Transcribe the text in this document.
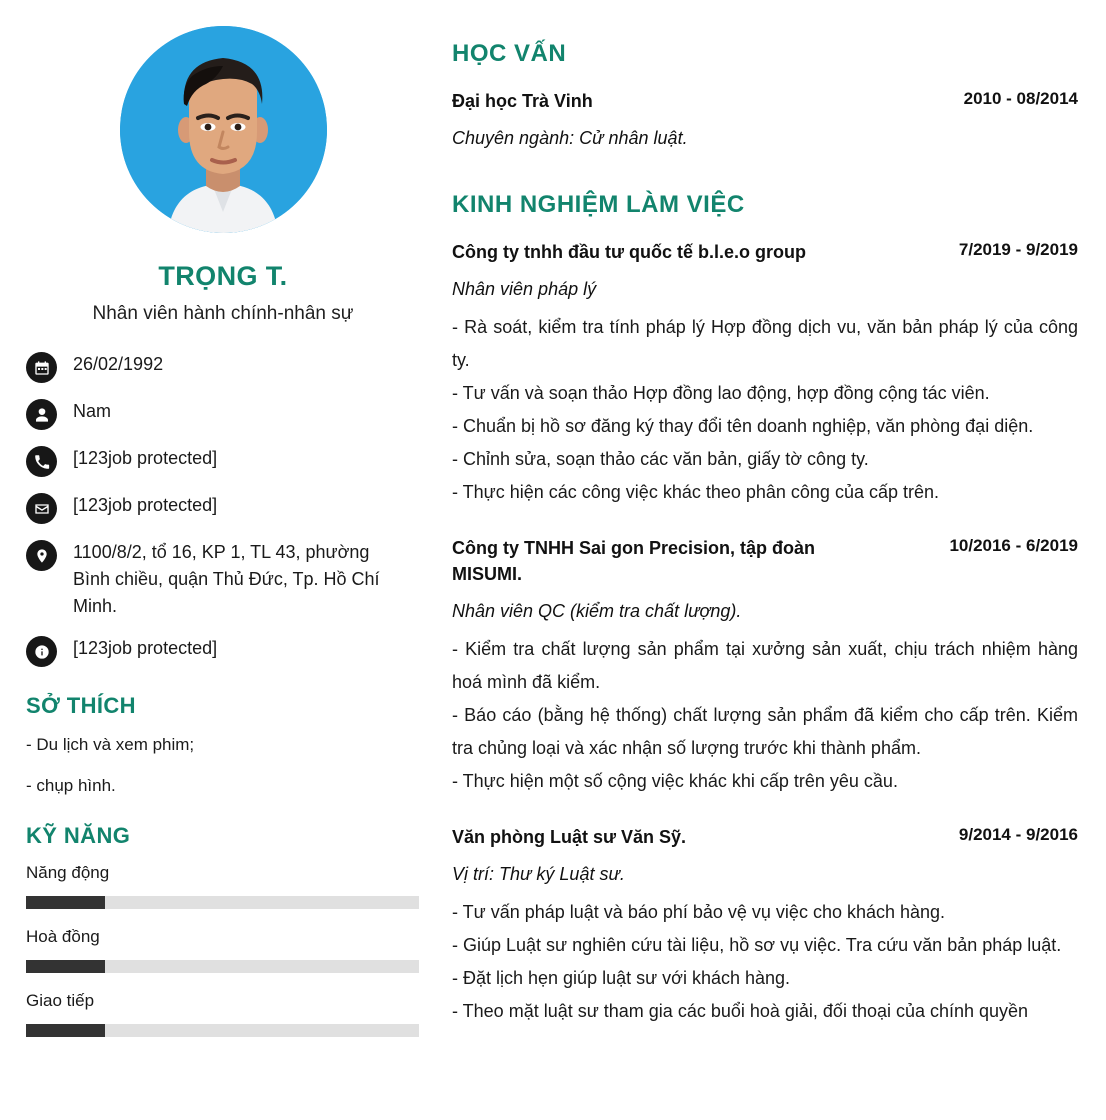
TRỌNG T.
Nhân viên hành chính-nhân sự
26/02/1992
Nam
[123job protected]
[123job protected]
1100/8/2, tổ 16, KP 1, TL 43, phường Bình chiều, quận Thủ Đức, Tp. Hồ Chí Minh.
[123job protected]
SỞ THÍCH
- Du lịch và xem phim;
- chụp hình.
KỸ NĂNG
Năng động
Hoà đồng
Giao tiếp
HỌC VẤN
Đại học Trà Vinh	2010 - 08/2014
Chuyên ngành: Cử nhân luật.
KINH NGHIỆM LÀM VIỆC
Công ty tnhh đầu tư quốc tế b.l.e.o group	7/2019 - 9/2019
Nhân viên pháp lý

- Rà soát, kiểm tra tính pháp lý Hợp đồng dịch vu, văn bản pháp lý của công ty.

- Tư vấn và soạn thảo Hợp đồng lao động, hợp đồng cộng tác viên.

- Chuẩn bị hồ sơ đăng ký thay đổi tên doanh nghiệp, văn phòng đại diện.

- Chỉnh sửa, soạn thảo các văn bản, giấy tờ công ty.

- Thực hiện các công việc khác theo phân công của cấp trên.

Công ty TNHH Sai gon Precision, tập đoàn MISUMI.
10/2016 - 6/2019
Nhân viên QC (kiểm tra chất lượng).

- Kiểm tra chất lượng sản phẩm tại xưởng sản xuất, chịu trách nhiệm hàng hoá mình đã kiểm.

- Báo cáo (bằng hệ thống) chất lượng sản phẩm đã kiểm cho cấp trên. Kiểm tra chủng loại và xác nhận số lượng trước khi thành phẩm.

- Thực hiện một số cộng việc khác khi cấp trên yêu cầu.

Văn phòng Luật sư Văn Sỹ.	9/2014 - 9/2016
Vị trí: Thư ký Luật sư.

- Tư vấn pháp luật và báo phí bảo vệ vụ việc cho khách hàng.

- Giúp Luật sư nghiên cứu tài liệu, hồ sơ vụ việc. Tra cứu văn bản pháp luật.

- Đặt lịch hẹn giúp luật sư với khách hàng.

- Theo mặt luật sư tham gia các buổi hoà giải, đối thoại của chính quyền
